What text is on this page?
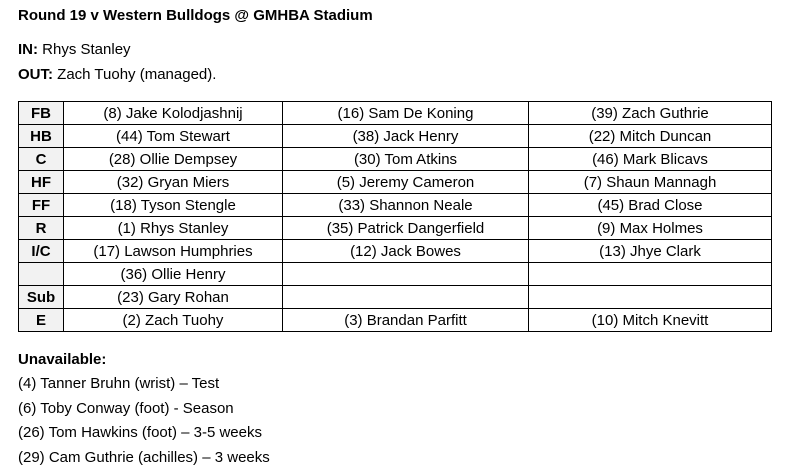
Round 19 v Western Bulldogs @ GMHBA Stadium
IN: Rhys Stanley
OUT: Zach Tuohy (managed).
FB	(8) Jake Kolodjashnij	(16) Sam De Koning	(39) Zach Guthrie
HB	(44) Tom Stewart	(38) Jack Henry	(22) Mitch Duncan
C	(28) Ollie Dempsey	(30) Tom Atkins	(46) Mark Blicavs
HF	(32) Gryan Miers	(5) Jeremy Cameron	(7) Shaun Mannagh
FF	(18) Tyson Stengle	(33) Shannon Neale	(45) Brad Close
R	(1) Rhys Stanley	(35) Patrick Dangerfield	(9) Max Holmes
I/C	(17) Lawson Humphries	(12) Jack Bowes	(13) Jhye Clark
	(36) Ollie Henry		
Sub	(23) Gary Rohan		
E	(2) Zach Tuohy	(3) Brandan Parfitt	(10) Mitch Knevitt
Unavailable:
(4) Tanner Bruhn (wrist) – Test
(6) Toby Conway (foot) - Season
(26) Tom Hawkins (foot) – 3-5 weeks
(29) Cam Guthrie (achilles) – 3 weeks
